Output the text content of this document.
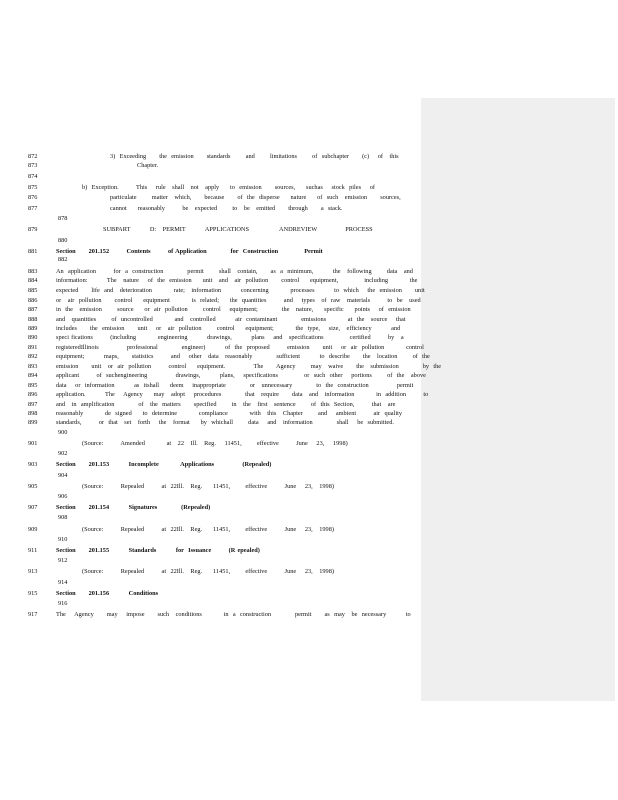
872	3)  Exceeding      the  emission      standards       and       limitations       of  subchapter      (c)    of   this
873	Chapter.
874
875	b)  Exception.        This    rule   shall   not   apply     to  emission      sources,     suchas    stock  piles    of
876	particulate       matter   which,      because      of  the  disperse     nature     of  such   emission      sources,
877	cannot     reasonably        be   expected       to   be   emitted      through      a  stack.
878
879	SUBPART         D:   PERMIT         APPLICATIONS              ANDREVIEW             PROCESS
880
881	Section      201.152        Contents        of Application           for  Construction            Permit
882
883	An  application        for  a  construction           permit       shall   contain,      as  a  minimum,         the   following       data   and
884	information:         The   nature    of  the  emission     unit   and   air  pollution      control     equipment,            including          the
885	expected      life  and   deterioration          rate;   information         concerning          processes         to  which    the  emission      unit
886	or   air  pollution      control     equipment          is  related;     the  quantities        and    types   of  raw   materials        to  be   used
887	in  the   emission       source     or  air  pollution       control    equipment;           the   nature,     specific     points    of  emission
888	and   quantities       of  uncontrolled          and   controlled         air  contaminant           emissions          at  the   source    that
889	includes      the  emission      unit    or   air  pollution       control     equipment;          the  type,    size,   efficiency         and
890	speci fications        (including          engineering         drawings,         plans    and   specifications            certified        by   a
891	registeredIllinois             professional           engineer)         of  the  proposed        emission      unit    or  air  pollution          control
892	equipment;         maps,      statistics        and    other   data   reasonably           sufficient         to  describe      the   location       of  the
893	emission      unit   or  air  pollution        control     equipment.             The      Agency       may   waive      the   submission           by  the
894	applicant        of  suchengineering             drawings,         plans,    specifications            or  such  other    portions       of  the   above
895	data    or  information         as  itshall     deem    inappropriate           or   unnecessary           to  the  construction             permit
896	application.         The    Agency     may   adopt    procedures           that   require      data   and   information          in  addition        to
897	and   in  amplification           of   the  matters      specified       in   the   first   sentence       of  this  Section,        that   are
898	reasonably          de  signed     to  determine          compliance          with   this   Chapter       and    ambient        air  quality
899	standards,        or  that   set   forth    the   format     by  whichall       data    and   information           shall    be  submitted.
900
901	(Source:        Amended          at   22   Ill.   Reg.    11451,       effective        June    23,    1998)
902
903	Section      201.153         Incomplete          Applications             (Repealed)
904
905	(Source:        Repealed        at  22Ill.   Reg.     11451,       effective        June    23,   1998)
906
907	Section      201.154         Signatures           (Repealed)
908
909	(Source:        Repealed        at  22Ill.   Reg.     11451,       effective        June    23,   1998)
910
911	Section      201.155         Standards         for  Issuance        (R epealed)
912
913	(Source:        Repealed        at  22Ill.   Reg.     11451,       effective        June    23,   1998)
914
915	Section      201.156         Conditions
916
917	The    Agency      may    impose      such   conditions          in  a  construction           permit      as  may   be  necessary         to
